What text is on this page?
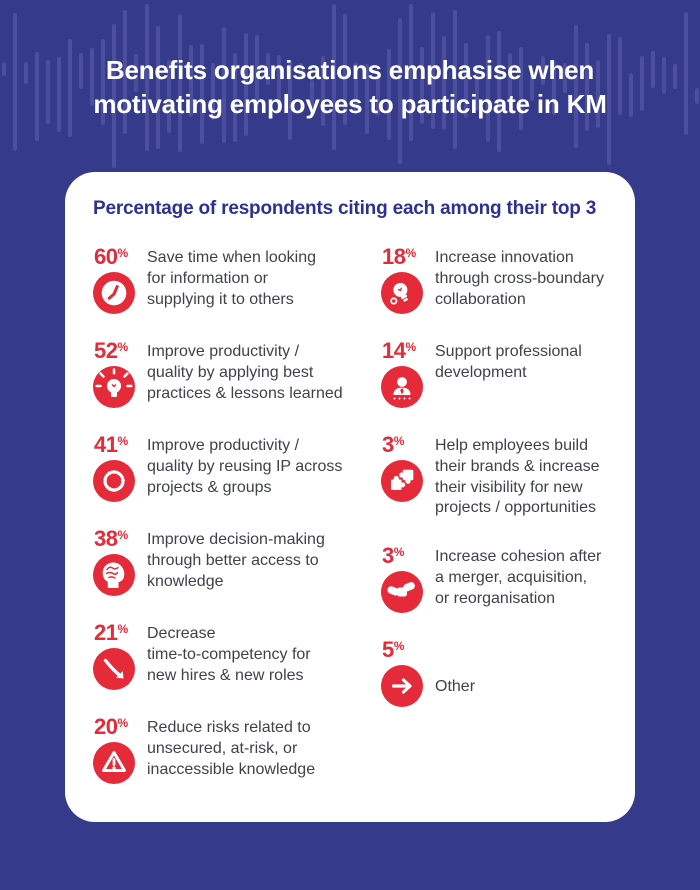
Benefits organisations emphasise when
motivating employees to participate in KM
Percentage of respondents citing each among their top 3
60% Save time when looking
for information or
supplying it to others
52% Improve productivity /
quality by applying best
practices & lessons learned
41% Improve productivity /
quality by reusing IP across
projects & groups
38% Improve decision-making
through better access to
knowledge
21% Decrease
time-to-competency for
new hires & new roles
20% Reduce risks related to
unsecured, at-risk, or
inaccessible knowledge
18% Increase innovation
through cross-boundary
collaboration
14% Support professional
development
3% Help employees build
their brands & increase
their visibility for new
projects / opportunities
3% Increase cohesion after
a merger, acquisition,
or reorganisation
5%
Other
